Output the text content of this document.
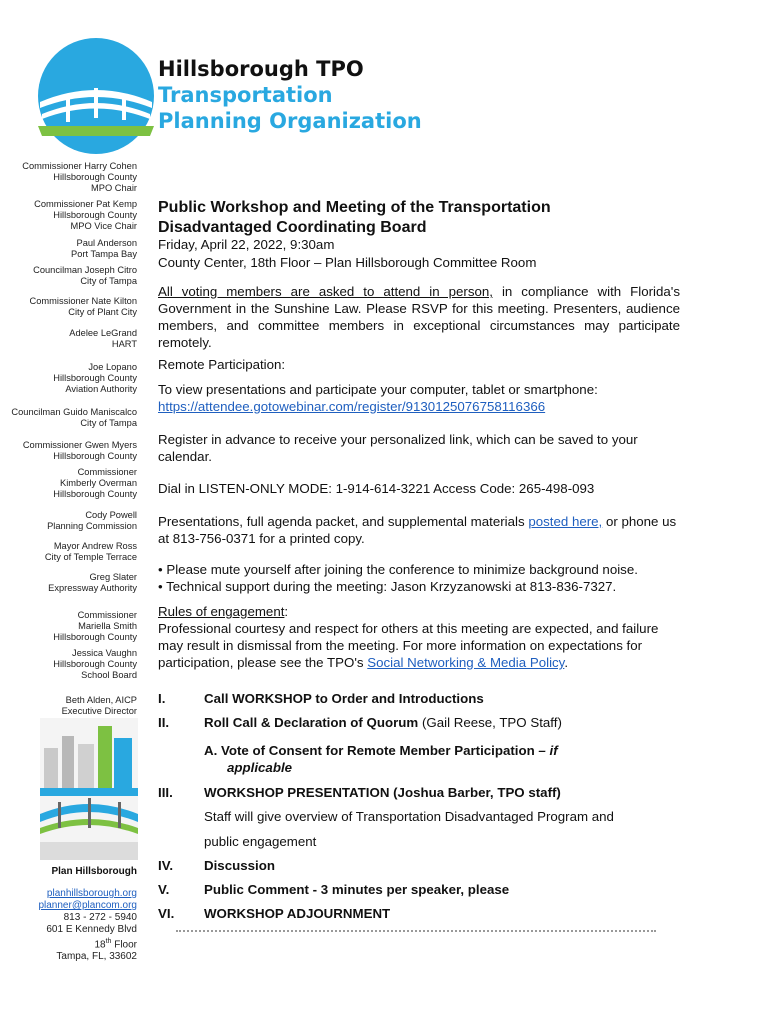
Hillsborough TPO
Transportation
Planning Organization
Commissioner Harry Cohen
Hillsborough County
MPO Chair
Commissioner Pat Kemp
Hillsborough County
MPO Vice Chair
Paul Anderson
Port Tampa Bay
Councilman Joseph Citro
City of Tampa
Commissioner Nate Kilton
City of Plant City
Adelee LeGrand
HART
Joe Lopano
Hillsborough County
Aviation Authority
Councilman Guido Maniscalco
City of Tampa
Commissioner Gwen Myers
Hillsborough County
Commissioner
Kimberly Overman
Hillsborough County
Cody Powell
Planning Commission
Mayor Andrew Ross
City of Temple Terrace
Greg Slater
Expressway Authority
Commissioner
Mariella Smith
Hillsborough County
Jessica Vaughn
Hillsborough County
School Board
Beth Alden, AICP
Executive Director
Plan Hillsborough
planhillsborough.org
planner@plancom.org
813 - 272 - 5940
601 E Kennedy Blvd
18th Floor
Tampa, FL, 33602
Public Workshop and Meeting of the Transportation
Disadvantaged Coordinating Board
Friday, April 22, 2022, 9:30am
County Center, 18th Floor – Plan Hillsborough Committee Room
All voting members are asked to attend in person, in compliance with Florida's Government in the Sunshine Law. Please RSVP for this meeting. Presenters, audience members, and committee members in exceptional circumstances may participate remotely.
Remote Participation:
To view presentations and participate your computer, tablet or smartphone:
https://attendee.gotowebinar.com/register/9130125076758116366
Register in advance to receive your personalized link, which can be saved to your calendar.
Dial in LISTEN-ONLY MODE: 1-914-614-3221 Access Code: 265-498-093
Presentations, full agenda packet, and supplemental materials posted here, or phone us at 813-756-0371 for a printed copy.
• Please mute yourself after joining the conference to minimize background noise.
• Technical support during the meeting: Jason Krzyzanowski at 813-836-7327.
Rules of engagement:
Professional courtesy and respect for others at this meeting are expected, and failure may result in dismissal from the meeting. For more information on expectations for participation, please see the TPO's Social Networking & Media Policy.
I.	Call WORKSHOP to Order and Introductions
II.	Roll Call & Declaration of Quorum (Gail Reese, TPO Staff)
A. Vote of Consent for Remote Member Participation – if
applicable
III. WORKSHOP PRESENTATION (Joshua Barber, TPO staff)
Staff will give overview of Transportation Disadvantaged Program and
public engagement
IV. Discussion
V.	Public Comment - 3 minutes per speaker, please
VI. WORKSHOP ADJOURNMENT
